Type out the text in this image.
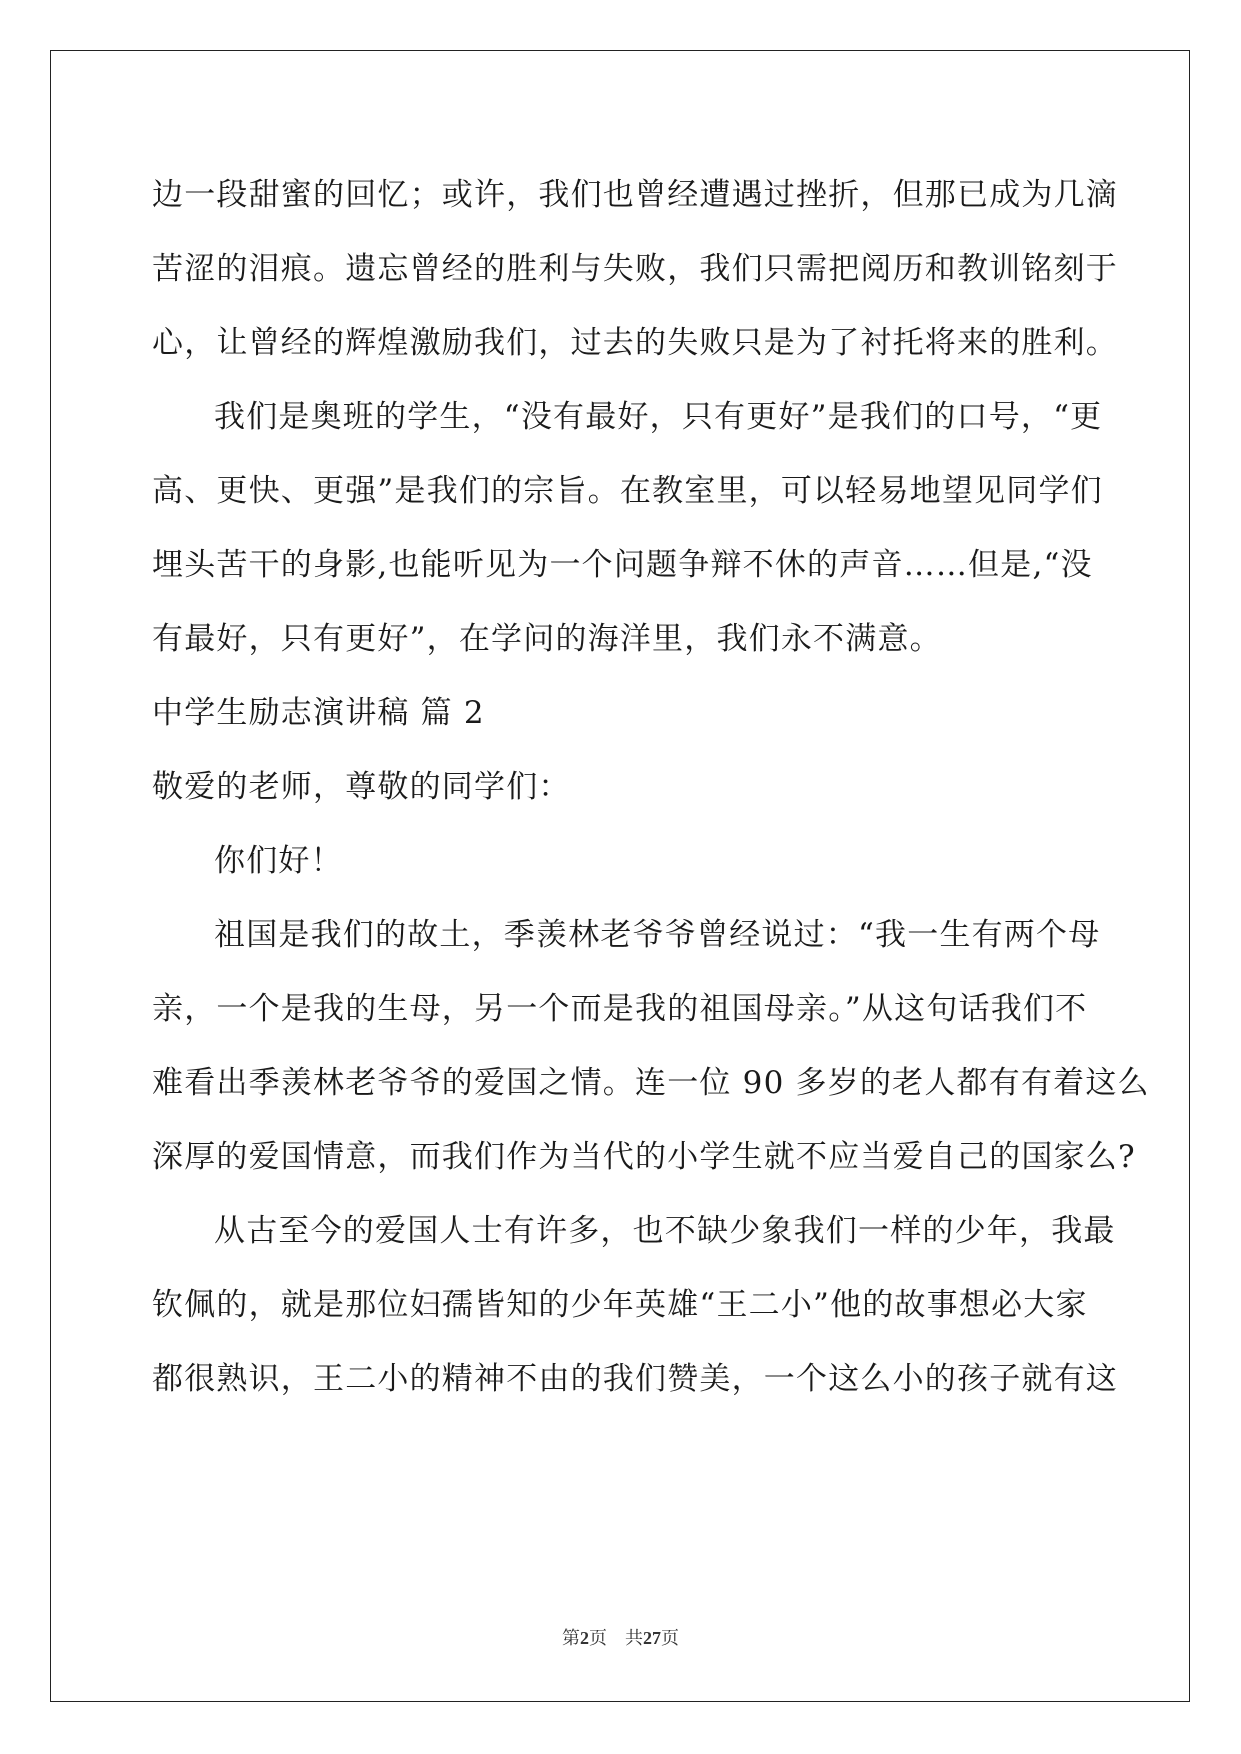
边一段甜蜜的回忆；或许，我们也曾经遭遇过挫折，但那已成为几滴
苦涩的泪痕。遗忘曾经的胜利与失败，我们只需把阅历和教训铭刻于
心，让曾经的辉煌激励我们，过去的失败只是为了衬托将来的胜利。
我们是奥班的学生，“没有最好，只有更好”是我们的口号，“更
高、更快、更强”是我们的宗旨。在教室里，可以轻易地望见同学们
埋头苦干的身影,也能听见为一个问题争辩不休的声音……但是,“没
有最好，只有更好”，在学问的海洋里，我们永不满意。
中学生励志演讲稿 篇 2
敬爱的老师，尊敬的同学们：
你们好！
祖国是我们的故土，季羡林老爷爷曾经说过：“我一生有两个母
亲，一个是我的生母，另一个而是我的祖国母亲。”从这句话我们不
难看出季羡林老爷爷的爱国之情。连一位 90 多岁的老人都有有着这么
深厚的爱国情意，而我们作为当代的小学生就不应当爱自己的国家么?
从古至今的爱国人士有许多，也不缺少象我们一样的少年，我最
钦佩的，就是那位妇孺皆知的少年英雄“王二小”他的故事想必大家
都很熟识，王二小的精神不由的我们赞美，一个这么小的孩子就有这
第2页 共27页
